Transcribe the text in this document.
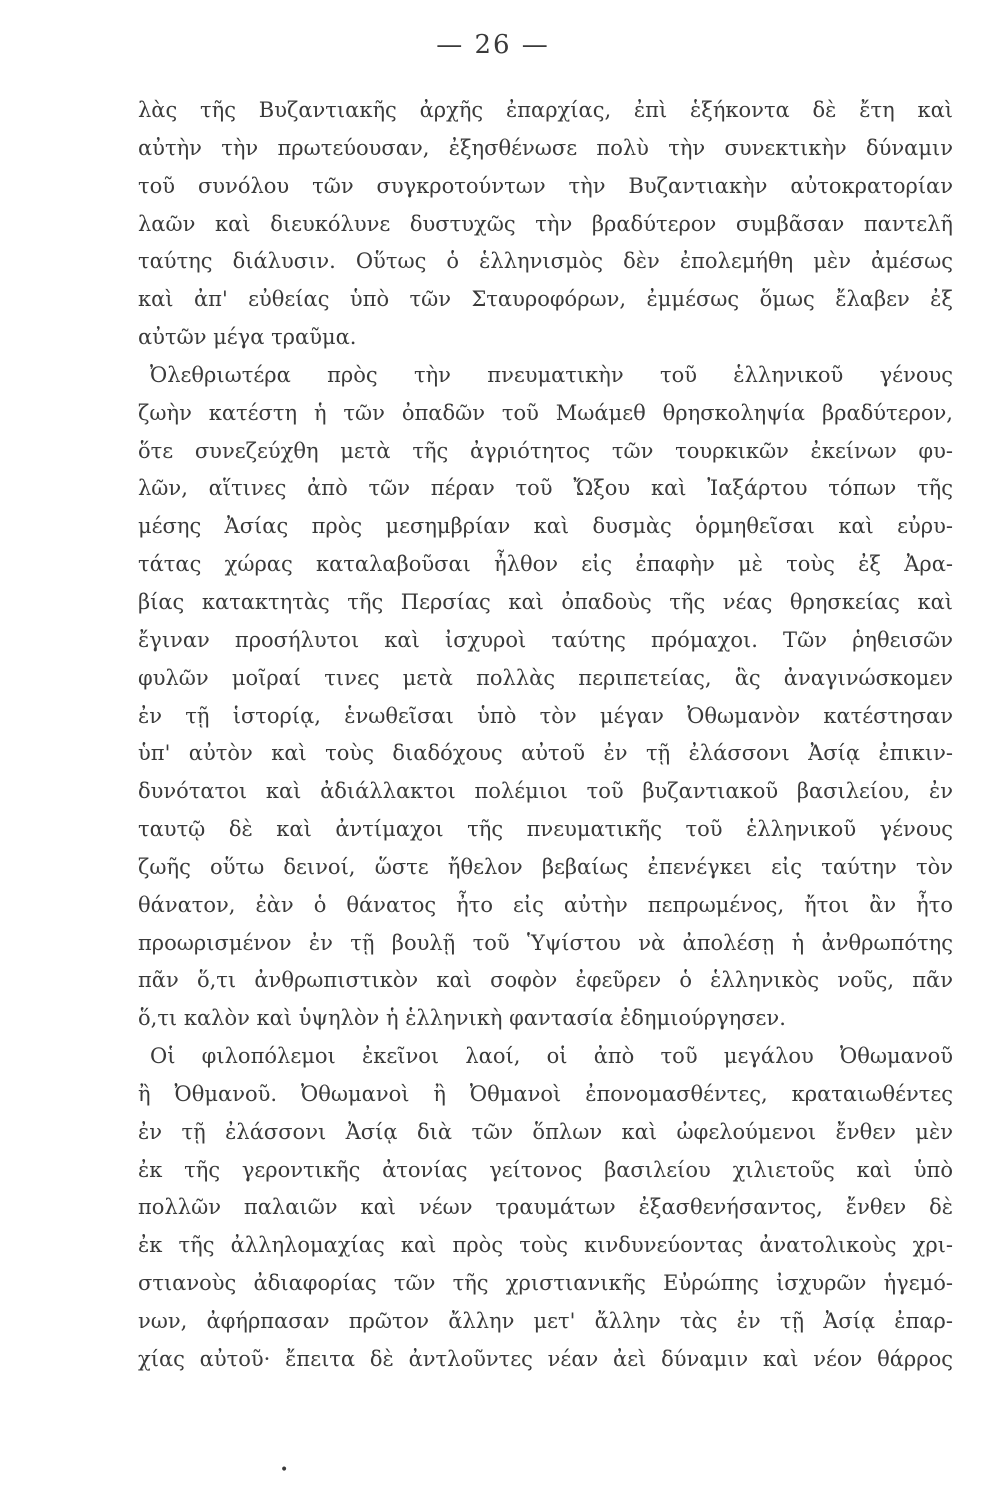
— 26 —
λὰς τῆς Βυζαντιακῆς ἀρχῆς ἐπαρχίας, ἐπὶ ἑξήκοντα δὲ ἔτη καὶ
αὐτὴν τὴν πρωτεύουσαν, ἐξησθένωσε πολὺ τὴν συνεκτικὴν δύναμιν
τοῦ συνόλου τῶν συγκροτούντων τὴν Βυζαντιακὴν αὐτοκρατορίαν
λαῶν καὶ διευκόλυνε δυστυχῶς τὴν βραδύτερον συμβᾶσαν παντελῆ
ταύτης διάλυσιν. Οὕτως ὁ ἑλληνισμὸς δὲν ἐπολεμήθη μὲν ἀμέσως
καὶ ἀπ' εὐθείας ὑπὸ τῶν Σταυροφόρων, ἐμμέσως ὅμως ἔλαβεν ἐξ
αὐτῶν μέγα τραῦμα.
Ὀλεθριωτέρα πρὸς τὴν πνευματικὴν τοῦ ἑλληνικοῦ γένους
ζωὴν κατέστη ἡ τῶν ὀπαδῶν τοῦ Μωάμεθ θρησκοληψία βραδύτερον,
ὅτε συνεζεύχθη μετὰ τῆς ἀγριότητος τῶν τουρκικῶν ἐκείνων φυ-
λῶν, αἵτινες ἀπὸ τῶν πέραν τοῦ Ὤξου καὶ Ἰαξάρτου τόπων τῆς
μέσης Ἀσίας πρὸς μεσημβρίαν καὶ δυσμὰς ὁρμηθεῖσαι καὶ εὐρυ-
τάτας χώρας καταλαβοῦσαι ἦλθον εἰς ἐπαφὴν μὲ τοὺς ἐξ Ἀρα-
βίας κατακτητὰς τῆς Περσίας καὶ ὀπαδοὺς τῆς νέας θρησκείας καὶ
ἔγιναν προσήλυτοι καὶ ἰσχυροὶ ταύτης πρόμαχοι. Τῶν ῥηθεισῶν
φυλῶν μοῖραί τινες μετὰ πολλὰς περιπετείας, ἃς ἀναγινώσκομεν
ἐν τῇ ἱστορίᾳ, ἑνωθεῖσαι ὑπὸ τὸν μέγαν Ὀθωμανὸν κατέστησαν
ὑπ' αὐτὸν καὶ τοὺς διαδόχους αὐτοῦ ἐν τῇ ἐλάσσονι Ἀσίᾳ ἐπικιν-
δυνότατοι καὶ ἀδιάλλακτοι πολέμιοι τοῦ βυζαντιακοῦ βασιλείου, ἐν
ταυτῷ δὲ καὶ ἀντίμαχοι τῆς πνευματικῆς τοῦ ἑλληνικοῦ γένους
ζωῆς οὕτω δεινοί, ὥστε ἤθελον βεβαίως ἐπενέγκει εἰς ταύτην τὸν
θάνατον, ἐὰν ὁ θάνατος ἦτο εἰς αὐτὴν πεπρωμένος, ἤτοι ἂν ἦτο
προωρισμένον ἐν τῇ βουλῇ τοῦ Ὑψίστου νὰ ἀπολέσῃ ἡ ἀνθρωπότης
πᾶν ὅ,τι ἀνθρωπιστικὸν καὶ σοφὸν ἐφεῦρεν ὁ ἑλληνικὸς νοῦς, πᾶν
ὅ,τι καλὸν καὶ ὑψηλὸν ἡ ἑλληνικὴ φαντασία ἐδημιούργησεν.
Οἱ φιλοπόλεμοι ἐκεῖνοι λαοί, οἱ ἀπὸ τοῦ μεγάλου Ὀθωμανοῦ
ἢ Ὀθμανοῦ. Ὀθωμανοὶ ἢ Ὀθμανοὶ ἐπονομασθέντες, κραταιωθέντες
ἐν τῇ ἐλάσσονι Ἀσίᾳ διὰ τῶν ὅπλων καὶ ὠφελούμενοι ἔνθεν μὲν
ἐκ τῆς γεροντικῆς ἀτονίας γείτονος βασιλείου χιλιετοῦς καὶ ὑπὸ
πολλῶν παλαιῶν καὶ νέων τραυμάτων ἐξασθενήσαντος, ἔνθεν δὲ
ἐκ τῆς ἀλληλομαχίας καὶ πρὸς τοὺς κινδυνεύοντας ἀνατολικοὺς χρι-
στιανοὺς ἀδιαφορίας τῶν τῆς χριστιανικῆς Εὐρώπης ἰσχυρῶν ἡγεμό-
νων, ἀφήρπασαν πρῶτον ἄλλην μετ' ἄλλην τὰς ἐν τῇ Ἀσίᾳ ἐπαρ-
χίας αὐτοῦ· ἔπειτα δὲ ἀντλοῦντες νέαν ἀεὶ δύναμιν καὶ νέον θάρρος
•
